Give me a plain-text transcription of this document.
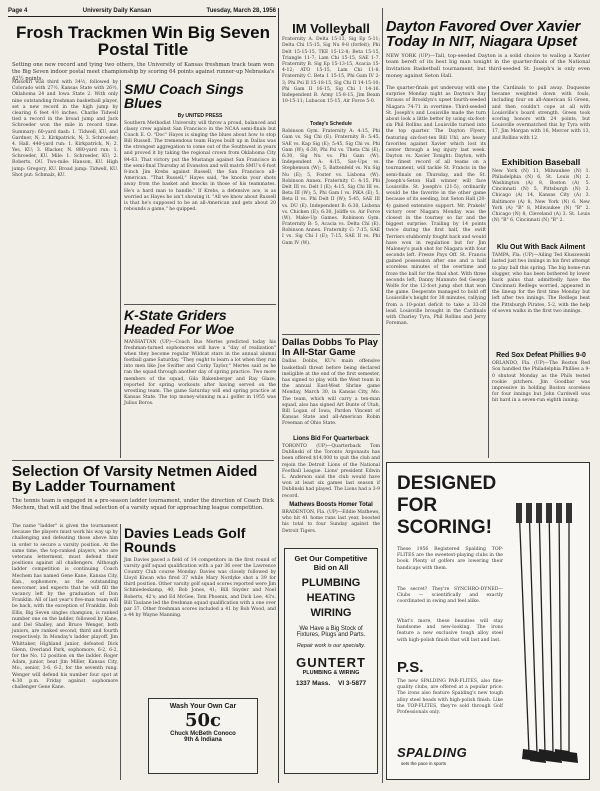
Page 4	University Daily Kansan	Tuesday, March 28, 1956
Frosh Trackmen Win Big Seven Postal Title
Setting one new record and tying two others, the University of Kansas freshman track team won the Big Seven indoor postal meet championship by scoring 64 points against runner-up Nebraska's 42½ points.
Missouri was third with 34½, followed by Colorado with 27½, Kansas State with 26½, Oklahoma 24 and Iowa State 2. With only nine outstanding freshman basketball player, set a new record in the high jump by clearing 6 feet 4½ inches. Charlie Tidwell tied a record in the broad jump and Jack Schroeder won the mile in record time. Summary: 60-yard dash: 1. Tidwell, KU, and Gardner, N; 2. Kirkpatrick, N; 3. Schroeder; 4. Hall. 440-yard run: 1. Kirkpatrick, N; 2. Yes, KU; 3. Blacker, N. 880-yard run: 1. Schroeder, KU. Mile: 1. Schroeder, KU; 2. Roberts, OU. Two-mile: Hanson, KU. High jump: Gregory, KU. Broad jump: Tidwell, KU. Shot put: Schmalz, KU.
SMU Coach Sings Blues
By UNITED PRESS
Southern Methodist University will throw a proud, balanced and classy crew against San Francisco in the NCAA semi-finals but Coach E. O. "Doc" Hayes is singing the blues about how to stop Bill Russell. The tremendous team Hayes built up in Dallas was the strongest aggregation to come out of the Southwest in years and proved it by taking the regional crown from Oklahoma City 84-63. That victory put the Mustangs against San Francisco in the semi-final Thursday at Evanston and will match SMU's 6-foot 8-inch Jim Krebs against Russell, the San Francisco all-American. "That Russell," Hayes said, "he knocks your shots away from the basket and knocks in those of his teammates. He's a hard man to handle." If Krebs, a defensive ace, is as worried as Hayes he isn't showing it. "All we know about Russell is that he's supposed to be an all-American and gets about 20 rebounds a game," he quipped.
K-State Griders Headed For Woe
MANHATTAN (UP)—Coach Bus Mertes predicted today his freshman-turned sophomores will have a "day of realization" when they become regular Wildcat stars in the annual alumni football game Saturday. "They ought to learn a lot when they run into men like Joe Swifter and Corky Taylor," Mertes said as he ran the squad through another day of spring practice. Two more members of the squad, Gila Bakenberger and Ray Glaze, reported for spring workouts after having served on the wrestling team. The game Saturday will end spring practice at Kansas State. The top money-winning m.a.i golfer in 1955 was Julius Boros.
Selection Of Varsity Netmen Aided By Ladder Tournament
The tennis team is engaged in a pre-season ladder tournament, under the direction of Coach Dick Mechem, that will aid the final selection of a varsity squad for approaching league competition.
The name "ladder" is given the tournament because the players must work his way up by challenging and defeating those above him in order to secure a varsity position. At the same time, the top-ranked players, who are veterans letterment, must defend their positions against all challengers. Although ladder competition is continuing Coach Mechem has named Gene Kane, Kansas City, Kan., sophomore, as the outstanding newcomer, and expects that he will fill the vacancy left by the graduation of Don Franklin. All of last year's five-man team will be back, with the exception of Franklin. Bob Ellis, Big Seven singles champion, is ranked number one on the ladder, followed by Kane, and Del Shalley, and Bruce Wenger, both juniors, are ranked second, third and fourth respectively. In Monday's ladder playoff, Jim Whittaker, Highland junior, defeated Dick Glenn, Overland Park, sophomore, 6-2, 6-2, for the No. 12 position on the ladder. Roger Adam, junior, beat Jim Miller, Kansas City, Mo., senior, 3-6, 6-2, for the seventh rung. Wenger will defend his number four spot at 4:30 p.m. Friday against sophomore challenger Gene Kane.
Davies Leads Golf Rounds
Jim Davies paced a field of 14 competitors in the first round of varsity golf squad qualification with a par 36 over the Lawrence Country Club course Monday. Davies was closely followed by Lloyd Kiwan who fired 37 while Mary Nordyke shot a 39 for third position. Other varsity golf squad scores reported were Jim Schmiedeskamp, 40, Bob Jones, 41; Bill Snyder and Noel Roberts, 42's; and Ed McGee, Tom Phoenix, and Dick Lee, 43's. Bill Taulane led the freshman squad qualification with a one over par 37. Other freshman scores included a 41 by Bob Wood, and a 44 by Wayne Manning.
Wash Your Own Car
50c
Chuck McBeth Conoco
9th & Indiana
IM Volleyball
Fraternity A. Delta 15-13, Sig Ep 5-11; Delta Chi 15-15, Sig Nu 9-8 (forfeit); Phi Delt 15-15-15, TKE 15-12-8; Beta 15-15, Triangle 11-7; Lam Chi 15-15, SAE 1-7. Fraternity B. Sig Ep 15-13-15, Acacia 15-4-12; ATO 15-15, Lam Chi 11-8. Fraternity C. Beta 1 15-15, Phi Gam IV 2-3; Phi Psi II 15-18-15, Sig Chi II 14-15-10; Phi Gam II 16-15, Sig Chi I 14-16. Independent B. Army 15-8-15, Jim Beam 10-15-11; Lubacon 15-15, Air Force 5-0.
Today's Schedule
Robinson Gym. Fraternity A: 4:15, Phi Gam vs. Sig Chi (E). Fraternity B: 5:45, SAE vs. Kap Sig (E); 5:45, Sig Chi vs. Phi Gam (W); 6:30, Phi Psi vs. Theta Chi (E); 6:30, Sig Nu vs. Phi Gam (W). Independent A: 4:15, Sav-Ups vs. Stephenson (W); 5, Battenfeld vs. Nu Sig Nu (E); 5, Foster vs. Lisbona (W). Robinson Annex. Fraternity C: 4:15, Phi Delt III vs. Delt I (E); 4:15, Sig Chi III vs. Beta III (W); 5, Phi Gam I vs. PiKA (E); 5, Beta II vs. Phi Delt II (W); 5:45, SAE III vs. DU (E). Independent B: 6:30, Lisbona vs. Chicken (E); 6:30, Joliffe vs. Air Force (W). Make-Up Games. Robinson Gym. Fraternity B: 5, Acacia vs. Delta Chi (E). Robinson Annex. Fraternity C: 7:15, SAE I vs. Sig Chi I (E); 7:15, SAE II vs. Phi Gam IV (W).
Dallas Dobbs To Play In All-Star Game
Dallas Dobbs, KU's main offensive basketball threat before being declared ineligible at the end of the first semester, has signed to play with the West team in the annual East-West Shrine game Monday, March 30, in Kansas City, Mo. The team, which will carry a ten-man squad, also has signed Art Bunte of Utah, Bill Logan of Iowa, Pardon Vincent of Kansas State and all-American Robin Freeman of Ohio State.
Lions Bid For Quarterback
TORONTO (UP)—Quarterback Tom Dublinski of the Toronto Argonauts has been offered $14,000 to quit the club and rejoin the Detroit Lions of the National Football League. Lions' president Edwin L. Anderson said the club would have won at least six games last season if Dublinski had played. The Lions had a 3-9 record.
Mathews Boosts Homer Total
BRADENTON, Fla. (UP)—Eddie Mathews, who hit 41 home runs last year, boosted his total to four Sunday against the Detroit Tigers.
Get Our Competitive Bid on All
PLUMBING
HEATING
WIRING
We Have a Big Stock of Fixtures, Plugs and Parts.
Repair work is our specialty.
GUNTERT
PLUMBING & WIRING
1337 Mass. VI 3-5877
Dayton Favored Over Xavier Today In NIT, Niagara Upset
NEW YORK (UP)—Tall, top-seeded Dayton is a solid choice to wallop a Xavier team bereft of its best big man tonight in the quarter-finals of the National Invitation Basketball tournament, but third-seeded St. Joseph's is only even money against Seton Hall.
The quarter-finals got underway with one surprise Monday night as Dayton's Ray Strauss of Brooklyn's upset fourth-seeded Niagara 74-71 in overtime. Third-seeded St. Joseph's and Louisville made the turn about look a little better by using six-foot-six Phil Rollins and Louisville turned into the top quarter. The Dayton Flyers, featuring six-foot-ten Bill Uhl, are heavy favorites against Xavier which lost its center through a leg injury last week. Dayton vs. Xavier Tonight: Dayton, with the finest record of all teams on a tournament, will tackle St. Francis in the semi-finals on Thursday, and the St. Joseph's-Seton Hall winner will face Louisville. St. Joseph's (21-5), ordinarily would be the favorite in the other game because of its seeding, but Seton Hall (20-4) gained extensive support. Mr. Prakels' victory over Niagara Monday was the closest in the tourney so far and the biggest surprise. Trailing by 14 points twice during the first half, the swift Terriers stubbornly fought back and would have won in regulation but for Jim Maloney's push shot for Niagara with four seconds left. Freeze Pays Off. St. Francis gained possession after one and a half scoreless minutes of the overtime and froze the ball for the final shot. With three seconds left, Danny Mannuto fed George Wolfe for the 12-foot jump shot that won the game. Desperate managed to hold off Louisville's height for 38 minutes, rallying from a 10-point deficit to take a 33-28 lead. Louisville brought in the Cardinals with Charley Tyra, Phil Rollins and Jerry Foreman.
the Cardinals to pull away. Duquesne became weighted down with fouls, including four on all-American Si Green, and then couldn't cope at all with Louisville's board strength. Green took scoring honors with 24 points, but Louisville overmatched this by Tyra with 17, Jim Morgan with 16, Mercer with 13, and Rollins with 12.
Exhibition Baseball
New York (N) 11, Milwaukee (N) 1. Philadelphia (N) 6, St. Louis (N) 2. Washington (A) 8, Boston (A) 5. Cincinnati (N) 5, Pittsburgh (N) 2. Chicago (A) 14, Kansas City (A) 3. Baltimore (A) 8, New York (N) 6. New York (A) "B" 8, Milwaukee (N) "B" 2. Chicago (N) 8, Cleveland (A) 3. St. Louis (N) "B" 6, Cincinnati (N) "B" 2.
Klu Out With Back Ailment
TAMPA, Fla. (UP)—Ailing Ted Kluszewski lasted just two innings in his first attempt to play ball this spring. The big home-run slugger, who has been bothered by lower back pains that admittedly have the Cincinnati Redlegs worried, appeared in the lineup for the first time Monday but left after two innings. The Redlegs beat the Pittsburgh Pirates, 5-2, with the help of seven walks in the first two innings.
Red Sox Defeat Phillies 9-0
ORLANDO, Fla. (UP)—The Boston Red Sox handled the Philadelphia Phillies a 9-0 shutout Monday as the Phils tested rookie pitchers. Jim Goodbar was impressive in holding Boston scoreless for four innings but John Cardwell was hit hard in a seven-run eighth inning.
DESIGNED
FOR
SCORING!
These 1956 Registered Spalding TOP-FLITES are the sweetest-playing clubs in the book. Plenty of golfers are lowering their handicaps with them.
The secret? They're SYNCHRO-DYNED—Clubs — scientifically and exactly coordinated in swing and feel alike.
What's more, these beauties will stay handsome and new-looking. The irons feature a new exclusive tough alloy steel with high-polish finish that will last and last.
P.S.
The new SPALDING PAR-FLITES, also fine-quality clubs, are offered at a popular price. The irons also feature Spalding's new tough alloy steel heads with high-polish finish. Like the TOP-FLITES, they're sold through Golf Professionals only.
SPALDING
sets the pace in sports
